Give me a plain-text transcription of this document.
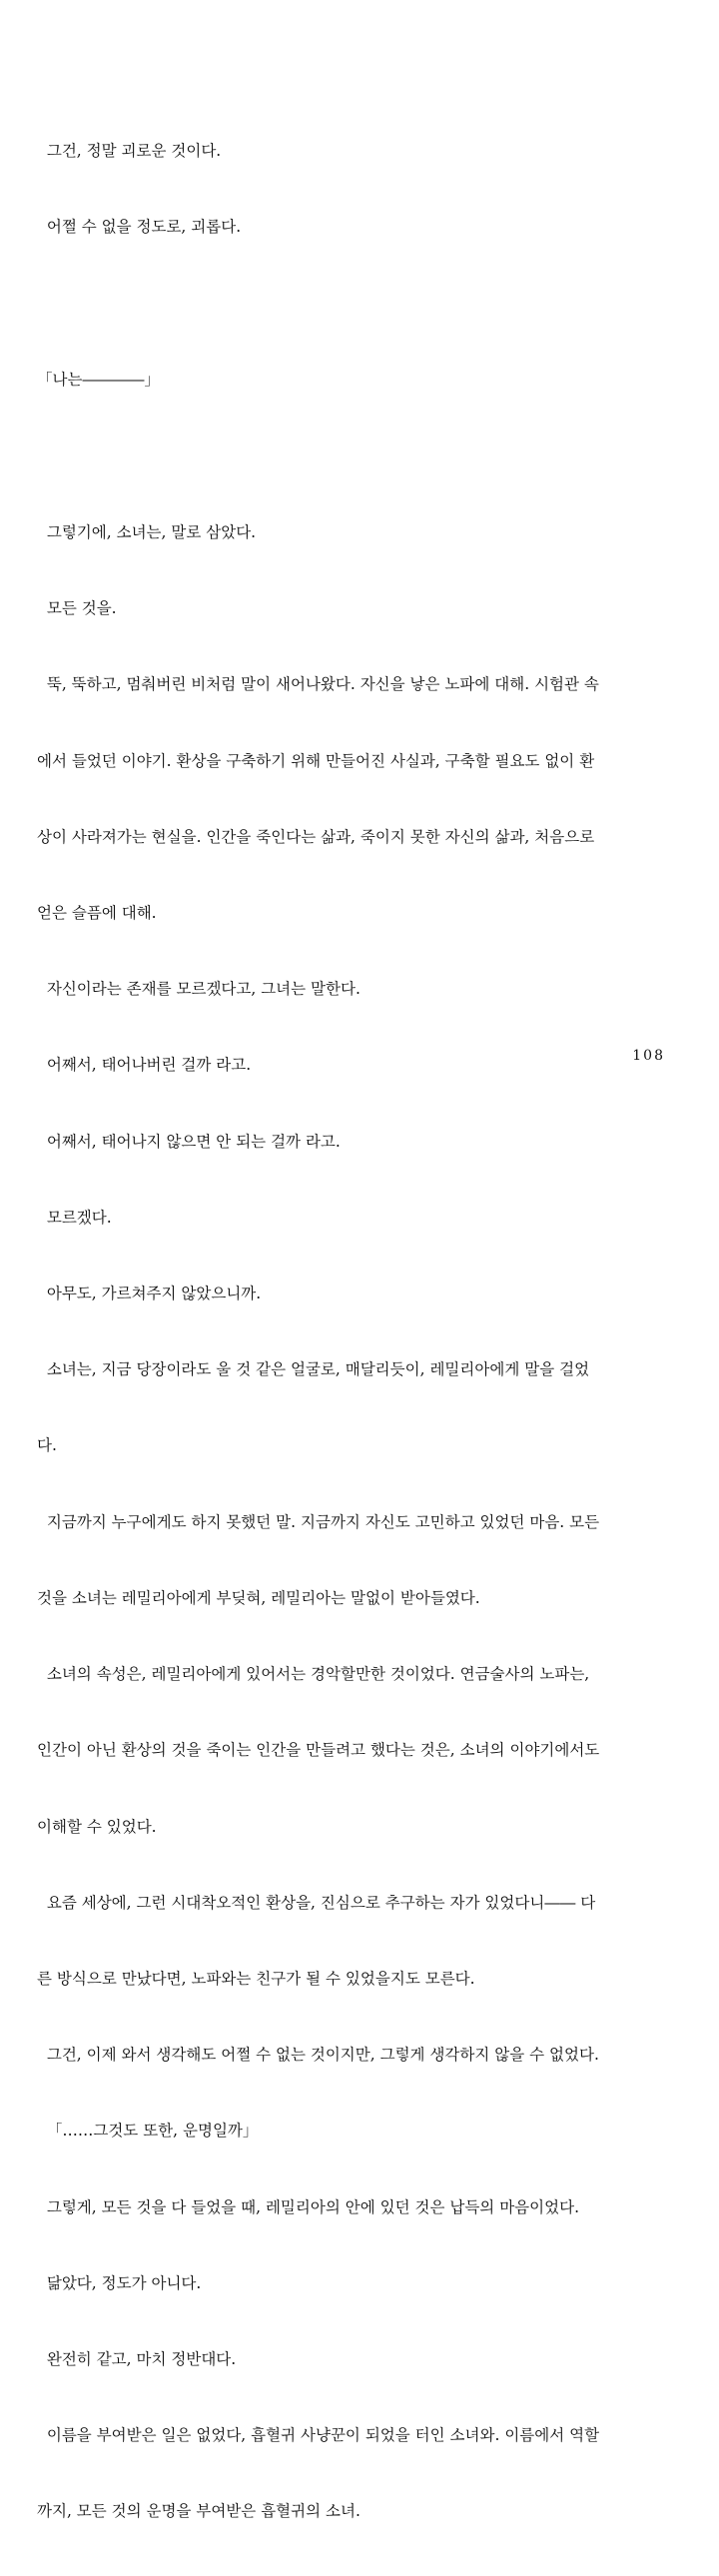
그건, 정말 괴로운 것이다.

어쩔 수 없을 정도로, 괴롭다.

「나는――――」

그렇기에, 소녀는, 말로 삼았다.

모든 것을.

뚝, 뚝하고, 멈춰버린 비처럼 말이 새어나왔다. 자신을 낳은 노파에 대해. 시험관 속

에서 들었던 이야기. 환상을 구축하기 위해 만들어진 사실과, 구축할 필요도 없이 환

상이 사라져가는 현실을. 인간을 죽인다는 삶과, 죽이지 못한 자신의 삶과, 처음으로

얻은 슬픔에 대해.

자신이라는 존재를 모르겠다고, 그녀는 말한다.

어째서, 태어나버린 걸까 라고.

어째서, 태어나지 않으면 안 되는 걸까 라고.

모르겠다.

아무도, 가르쳐주지 않았으니까.

소녀는, 지금 당장이라도 울 것 같은 얼굴로, 매달리듯이, 레밀리아에게 말을 걸었

다.

지금까지 누구에게도 하지 못했던 말. 지금까지 자신도 고민하고 있었던 마음. 모든

것을 소녀는 레밀리아에게 부딪혀, 레밀리아는 말없이 받아들였다.

소녀의 속성은, 레밀리아에게 있어서는 경악할만한 것이었다. 연금술사의 노파는,

인간이 아닌 환상의 것을 죽이는 인간을 만들려고 했다는 것은, 소녀의 이야기에서도

이해할 수 있었다.

요즘 세상에, 그런 시대착오적인 환상을, 진심으로 추구하는 자가 있었다니―― 다

른 방식으로 만났다면, 노파와는 친구가 될 수 있었을지도 모른다.

그건, 이제 와서 생각해도 어쩔 수 없는 것이지만, 그렇게 생각하지 않을 수 없었다.

「……그것도 또한, 운명일까」

그렇게, 모든 것을 다 들었을 때, 레밀리아의 안에 있던 것은 납득의 마음이었다.

닮았다, 정도가 아니다.

완전히 같고, 마치 정반대다.

이름을 부여받은 일은 없었다, 흡혈귀 사냥꾼이 되었을 터인 소녀와. 이름에서 역할

까지, 모든 것의 운명을 부여받은 흡혈귀의 소녀.

108
